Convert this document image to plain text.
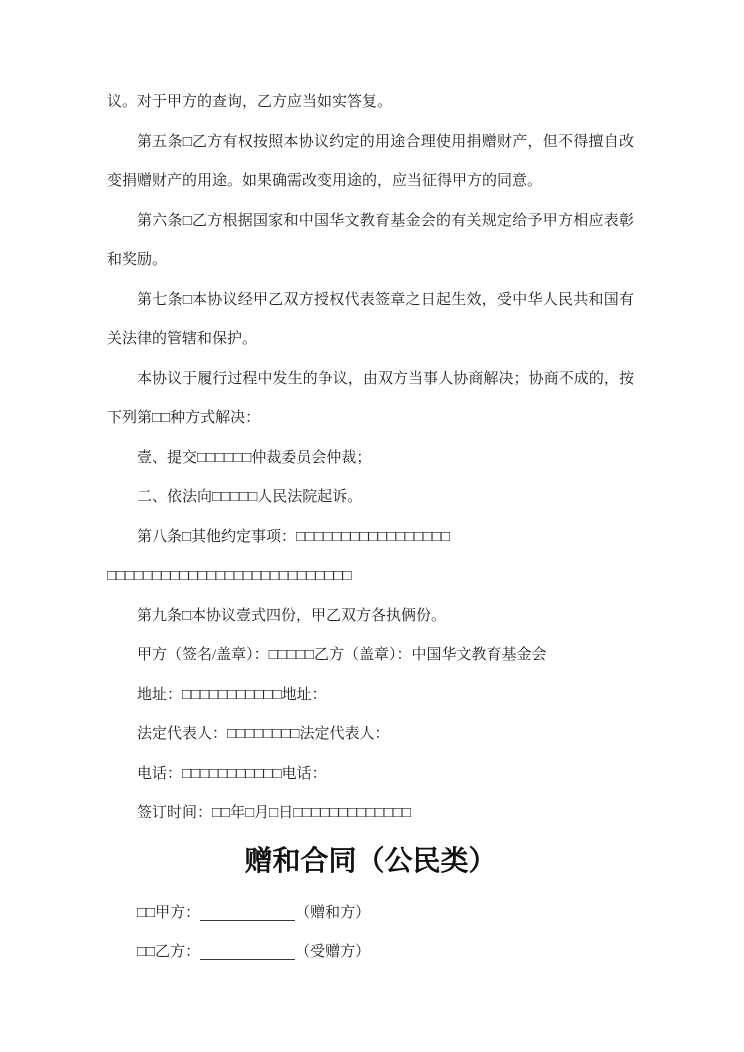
议。对于甲方的查询，乙方应当如实答复。

第五条□乙方有权按照本协议约定的用途合理使用捐赠财产，但不得擅自改变捐赠财产的用途。如果确需改变用途的，应当征得甲方的同意。

第六条□乙方根据国家和中国华文教育基金会的有关规定给予甲方相应表彰和奖励。

第七条□本协议经甲乙双方授权代表签章之日起生效，受中华人民共和国有关法律的管辖和保护。

本协议于履行过程中发生的争议，由双方当事人协商解决；协商不成的，按下列第□□种方式解决：

壹、提交□□□□□□仲裁委员会仲裁；

二、依法向□□□□□人民法院起诉。

第八条□其他约定事项：□□□□□□□□□□□□□□□□□

□□□□□□□□□□□□□□□□□□□□□□□□□□□

第九条□本协议壹式四份，甲乙双方各执俩份。

甲方（签名/盖章）：□□□□□乙方（盖章）：中国华文教育基金会

地址：□□□□□□□□□□□地址：

法定代表人：□□□□□□□□法定代表人：

电话：□□□□□□□□□□□电话：

签订时间：□□年□月□日□□□□□□□□□□□□□

赠和合同（公民类）

□□甲方：	（赠和方）

□□乙方：	（受赠方）
